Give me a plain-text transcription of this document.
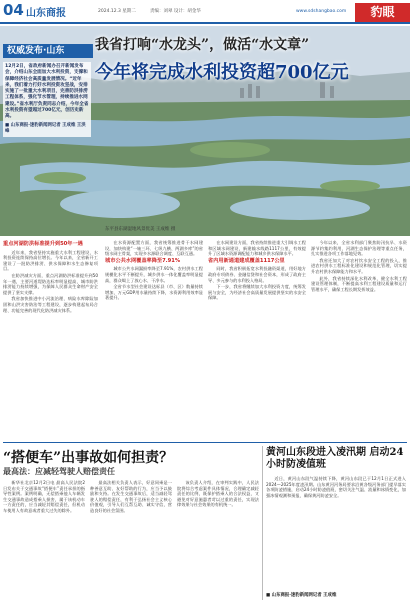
04 山东商报	2024.12.3 星期二	责编：刘翠 设计：胡金华	www.sdshangbao.com	豹眼
权威发布·山东	我省打响“水龙头”，做活“水文章”
今年将完成水利投资超700亿元
12月2日，省政府新闻办召开新闻发布会，介绍山东全面加大水利投资，支撑和保障经济社会高质量发展情况。“近年来，我们着力打好水利投资攻坚战，安排实施了一批重大水利项目，完善防洪排涝工程体系，强化节水管理，持续推进水网建设。”省水利厅负责同志介绍，今年全省水利投资有望超过700亿元，创历史新高。
■ 山东商报·速豹新闻网记者 王成维 王洪峰
东平县东湖湿地风景优美 王成维 摄
重点河湖防洪标准提升到50年一遇

近年来，我省坚持实施重大水利工程建设，水利投资连续保持高位增长。今年以来，全省新开工建设了一批防洪排涝、供水保障和水生态修复项目。

在防洪减灾方面，重点河湖防洪标准提升到50年一遇，主要河道堤防达标率明显提高，城市防洪排涝能力持续增强，为保障人民群众生命财产安全提供了坚实支撑。

我省加快推进中小河流治理、病险水库除险加固和山洪灾害防治等工程建设，逐步构建起布局合理、功能完善的现代化防洪减灾体系。

在水资源配置方面，我省统筹推进骨干水网建设，加快构建“一轴三环、七纵九横、两湖多库”的省级水网主骨架，实现多水源联合调度、互联互通。

城市公共水网覆盖率降至7.91%

城市公共水网漏损率降至7.91%，农村供水工程规模化水平不断提升，城乡供水一体化覆盖率明显提高，群众喝上了放心水、干净水。

全省节水型社会建设达标县（市、区）数量持续增加，万元GDP用水量持续下降，水资源利用效率显著提升。

在水网建设方面，我省持续推进重大引调水工程和区域水网建设，新建输水线路1117公里，有效提升了区域水资源调配能力和城乡供水保障水平。

省内用新通道建成覆盖1117公里

同时，我省积极拓宽水利投融资渠道，用好地方政府专项债券、金融信贷和社会资本，形成了政府主导、多元参与的水利投入格局。

下一步，我省将继续加大水利投资力度，统筹发展与安全，为经济社会高质量发展提供坚实的水安全保障。

今年以来，全省水利部门聚焦防汛抗旱、水资源节约集约利用、河湖生态保护治理等重点任务，扎实推进各项工作落地见效。

我省还加大了对农村饮水安全工程的投入，推进农村供水工程标准化建设和规范化管理，切实提升农村供水保障能力和水平。

此外，我省持续深化水利改革，健全水利工程建设管理体制，不断提高水利工程建设质量和运行管理水平，确保工程长期发挥效益。

“搭便车”出事故如何担责？
最高法：应减轻驾驶人赔偿责任

新华社北京12月2日电 最高人民法院2日发布关于交通事故“搭便车”责任承担的指导性案例。案例明确，无偿搭乘他人车辆发生交通事故造成搭乘人损害，属于该机动车一方责任的，应当减轻其赔偿责任，但机动车使用人有故意或者重大过失的除外。

最高法相关负责人表示，好意同乘是一种善意互助、友好帮助的行为，应当予以鼓励和支持。在发生交通事故后，适当减轻驾驶人的赔偿责任，有利于弘扬社会主义核心价值观，引导人们互帮互助、诚实守信，营造良好的社会氛围。

该负责人介绍，在审判实践中，人民法院将综合考虑案件具体情况，合理确定减轻责任的比例，既保护搭乘人的合法权益，又避免对好意施惠者苛以过重的责任，实现法律效果与社会效果的有机统一。

黄河山东段进入凌汛期 启动24小时防凌值班

近日，黄河山东段气温持续下降，黄河山东段已于12月1日正式进入2024—2025年度凌汛期。山东黄河河务局要求沿黄各级河务部门提早落实各项防凌措施，启动24小时防凌值班，密切关注气温、流量和冰情变化，加强冰情观测和预报，确保黄河防凌安全。

■ 山东商报·速豹新闻网记者 王成维
